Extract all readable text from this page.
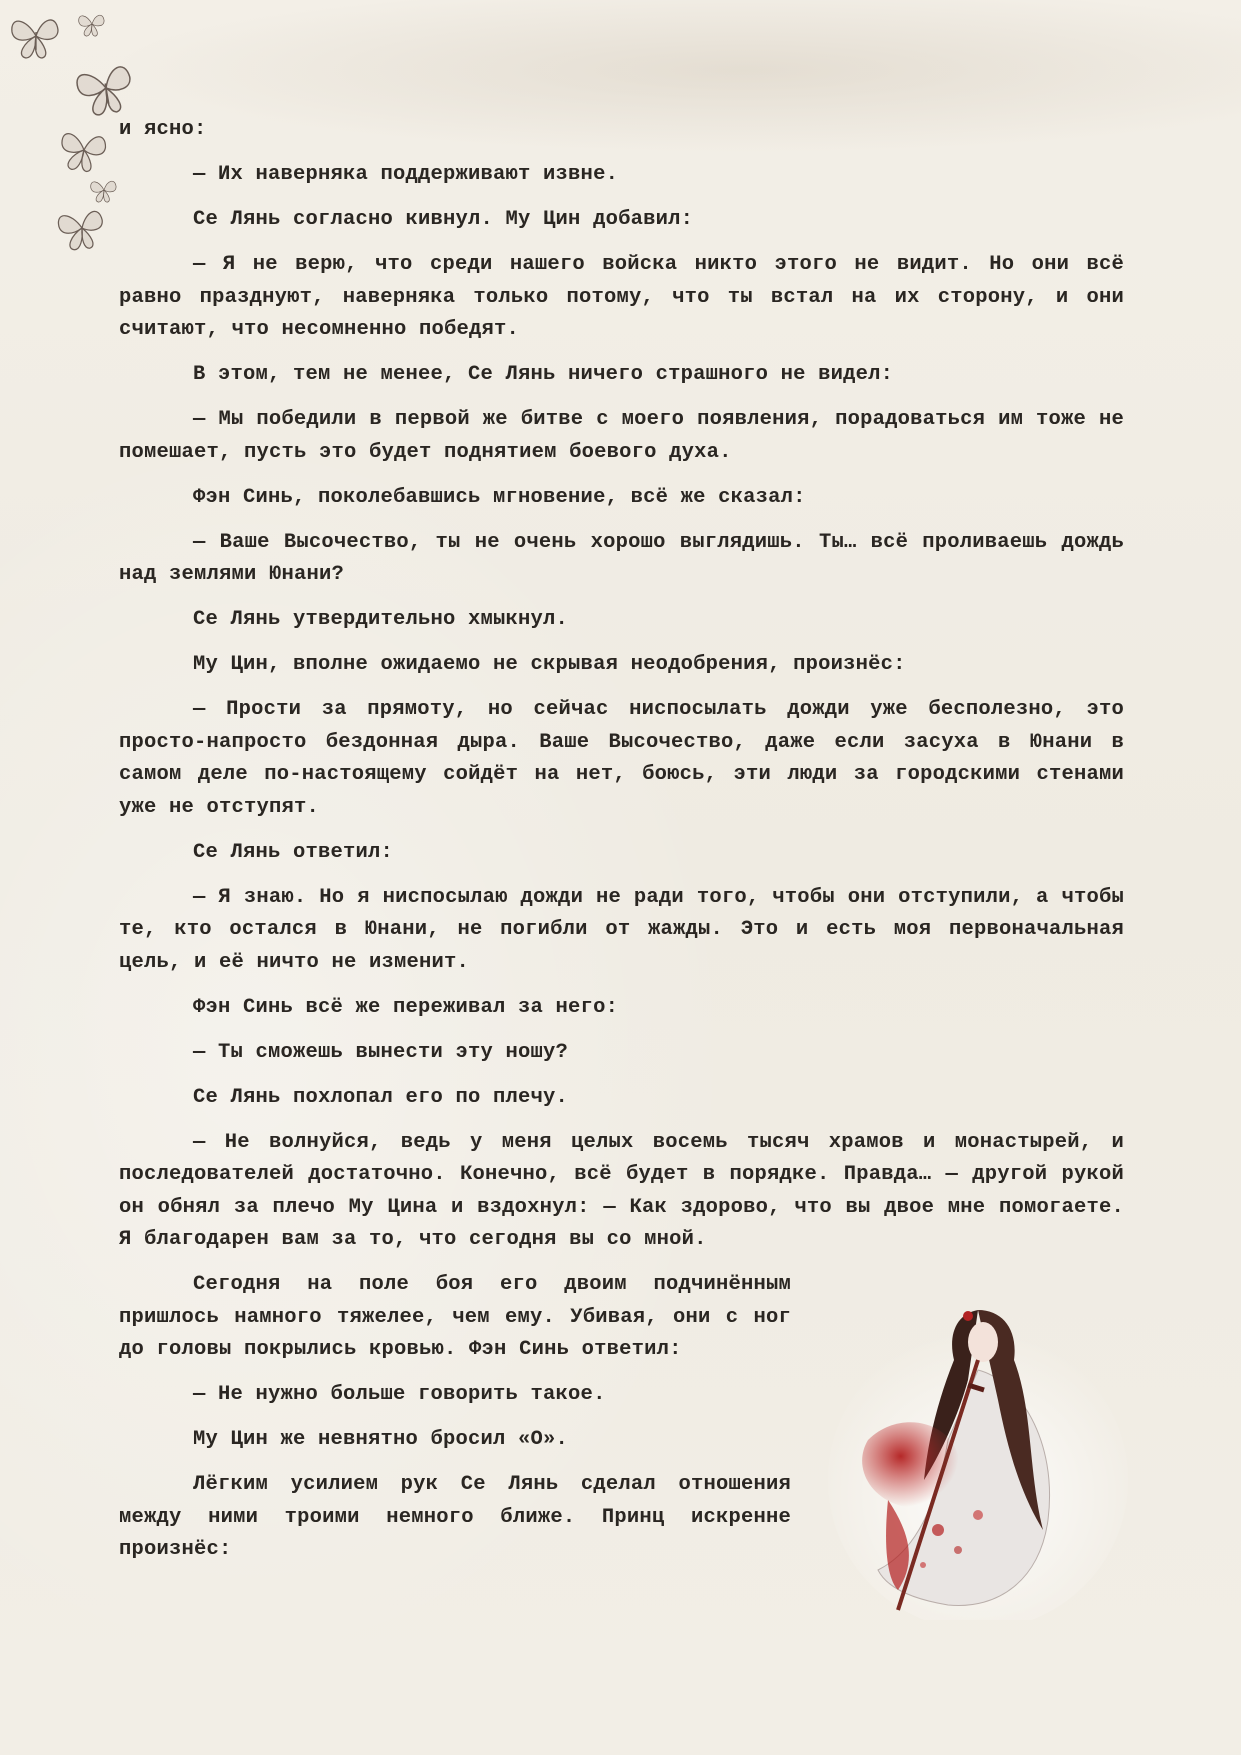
и ясно:

— Их наверняка поддерживают извне.

Се Лянь согласно кивнул. Му Цин добавил:

— Я не верю, что среди нашего войска никто этого не видит. Но они всё равно празднуют, наверняка только потому, что ты встал на их сторону, и они считают, что несомненно победят.

В этом, тем не менее, Се Лянь ничего страшного не видел:

— Мы победили в первой же битве с моего появления, порадоваться им тоже не помешает, пусть это будет поднятием боевого духа.

Фэн Синь, поколебавшись мгновение, всё же сказал:

— Ваше Высочество, ты не очень хорошо выглядишь. Ты… всё проливаешь дождь над землями Юнани?

Се Лянь утвердительно хмыкнул.

Му Цин, вполне ожидаемо не скрывая неодобрения, произнёс:

— Прости за прямоту, но сейчас ниспосылать дожди уже бесполезно, это просто-напросто бездонная дыра. Ваше Высочество, даже если засуха в Юнани в самом деле по-настоящему сойдёт на нет, боюсь, эти люди за городскими стенами уже не отступят.

Се Лянь ответил:

— Я знаю. Но я ниспосылаю дожди не ради того, чтобы они отступили, а чтобы те, кто остался в Юнани, не погибли от жажды. Это и есть моя первоначальная цель, и её ничто не изменит.

Фэн Синь всё же переживал за него:

— Ты сможешь вынести эту ношу?

Се Лянь похлопал его по плечу.

— Не волнуйся, ведь у меня целых восемь тысяч храмов и монастырей, и последователей достаточно. Конечно, всё будет в порядке. Правда… — другой рукой он обнял за плечо Му Цина и вздохнул: — Как здорово, что вы двое мне помогаете. Я благодарен вам за то, что сегодня вы со мной.

Сегодня на поле боя его двоим подчинённым пришлось намного тяжелее, чем ему. Убивая, они с ног до головы покрылись кровью. Фэн Синь ответил:

— Не нужно больше говорить такое.

Му Цин же невнятно бросил «О».

Лёгким усилием рук Се Лянь сделал отношения между ними троими немного ближе. Принц искренне произнёс:
